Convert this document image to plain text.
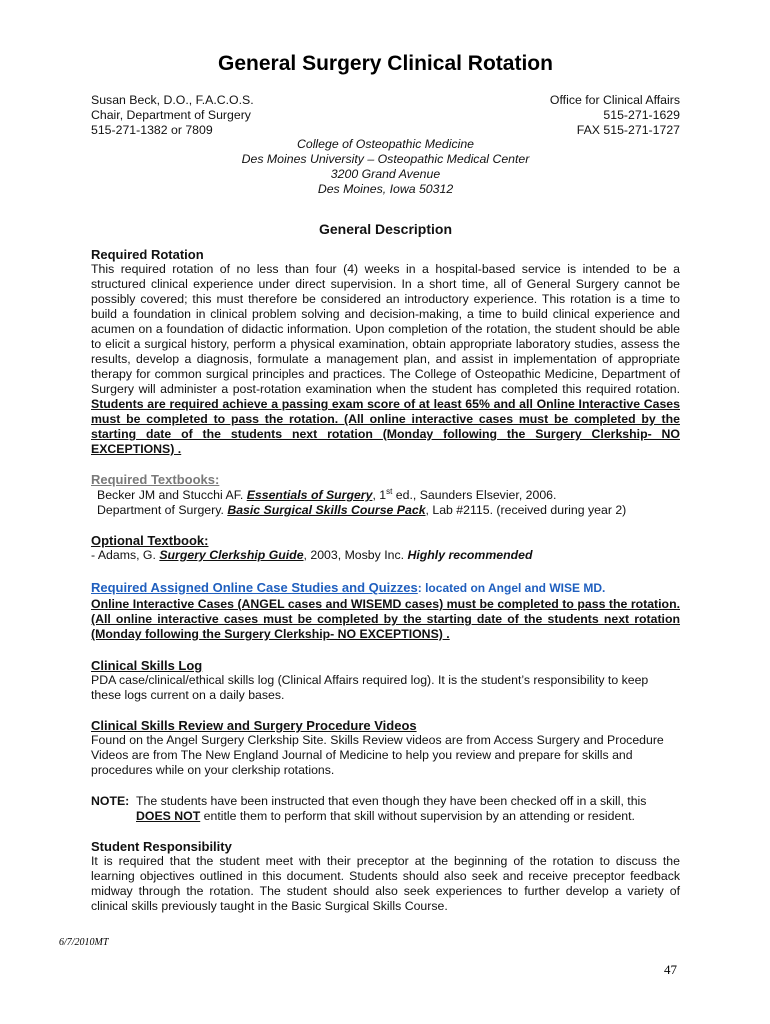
General Surgery Clinical Rotation
Susan Beck, D.O., F.A.C.O.S.
Chair, Department of Surgery
515-271-1382 or 7809
Office for Clinical Affairs
515-271-1629
FAX 515-271-1727
College of Osteopathic Medicine
Des Moines University – Osteopathic Medical Center
3200 Grand Avenue
Des Moines, Iowa 50312
General Description
Required Rotation
This required rotation of no less than four (4) weeks in a hospital-based service is intended to be a structured clinical experience under direct supervision. In a short time, all of General Surgery cannot be possibly covered; this must therefore be considered an introductory experience. This rotation is a time to build a foundation in clinical problem solving and decision-making, a time to build clinical experience and acumen on a foundation of didactic information. Upon completion of the rotation, the student should be able to elicit a surgical history, perform a physical examination, obtain appropriate laboratory studies, assess the results, develop a diagnosis, formulate a management plan, and assist in implementation of appropriate therapy for common surgical principles and practices. The College of Osteopathic Medicine, Department of Surgery will administer a post-rotation examination when the student has completed this required rotation. Students are required achieve a passing exam score of at least 65% and all Online Interactive Cases must be completed to pass the rotation. (All online interactive cases must be completed by the starting date of the students next rotation (Monday following the Surgery Clerkship- NO EXCEPTIONS) .
Required Textbooks:
Becker JM and Stucchi AF. Essentials of Surgery, 1st ed., Saunders Elsevier, 2006.
Department of Surgery. Basic Surgical Skills Course Pack, Lab #2115. (received during year 2)
Optional Textbook:
- Adams, G. Surgery Clerkship Guide, 2003, Mosby Inc. Highly recommended
Required Assigned Online Case Studies and Quizzes: located on Angel and WISE MD.
Online Interactive Cases (ANGEL cases and WISEMD cases) must be completed to pass the rotation. (All online interactive cases must be completed by the starting date of the students next rotation (Monday following the Surgery Clerkship- NO EXCEPTIONS) .
Clinical Skills Log
PDA case/clinical/ethical skills log (Clinical Affairs required log). It is the student’s responsibility to keep these logs current on a daily bases.
Clinical Skills Review and Surgery Procedure Videos
Found on the Angel Surgery Clerkship Site. Skills Review videos are from Access Surgery and Procedure Videos are from The New England Journal of Medicine to help you review and prepare for skills and procedures while on your clerkship rotations.
NOTE: The students have been instructed that even though they have been checked off in a skill, this
DOES NOT entitle them to perform that skill without supervision by an attending or resident.
Student Responsibility
It is required that the student meet with their preceptor at the beginning of the rotation to discuss the learning objectives outlined in this document. Students should also seek and receive preceptor feedback midway through the rotation. The student should also seek experiences to further develop a variety of clinical skills previously taught in the Basic Surgical Skills Course.
6/7/2010MT
47
